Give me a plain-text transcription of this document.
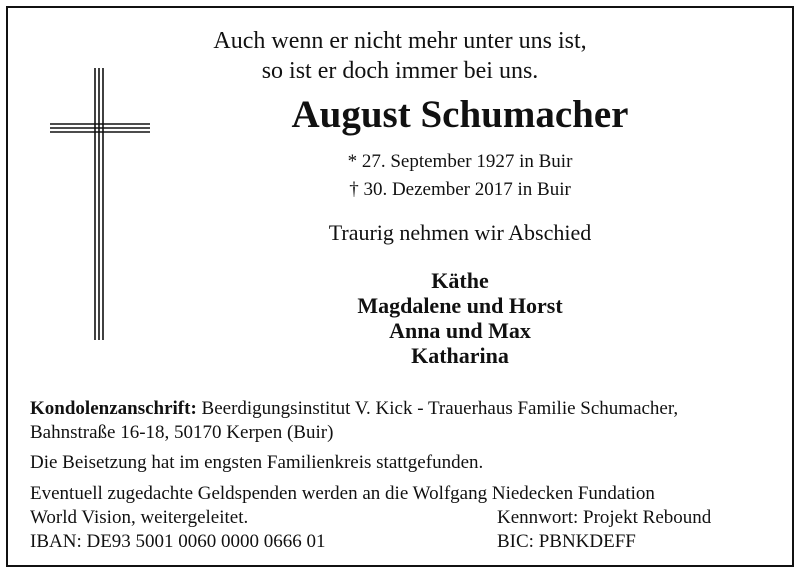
Auch wenn er nicht mehr unter uns ist,
so ist er doch immer bei uns.
August Schumacher
* 27. September 1927 in Buir
† 30. Dezember 2017 in Buir
Traurig nehmen wir Abschied
Käthe
Magdalene und Horst
Anna und Max
Katharina
Kondolenzanschrift: Beerdigungsinstitut V. Kick - Trauerhaus Familie Schumacher,
Bahnstraße 16-18, 50170 Kerpen (Buir)
Die Beisetzung hat im engsten Familienkreis stattgefunden.
Eventuell zugedachte Geldspenden werden an die Wolfgang Niedecken Fundation
World Vision, weitergeleitet.
IBAN: DE93 5001 0060 0000 0666 01
Kennwort: Projekt Rebound
BIC: PBNKDEFF
